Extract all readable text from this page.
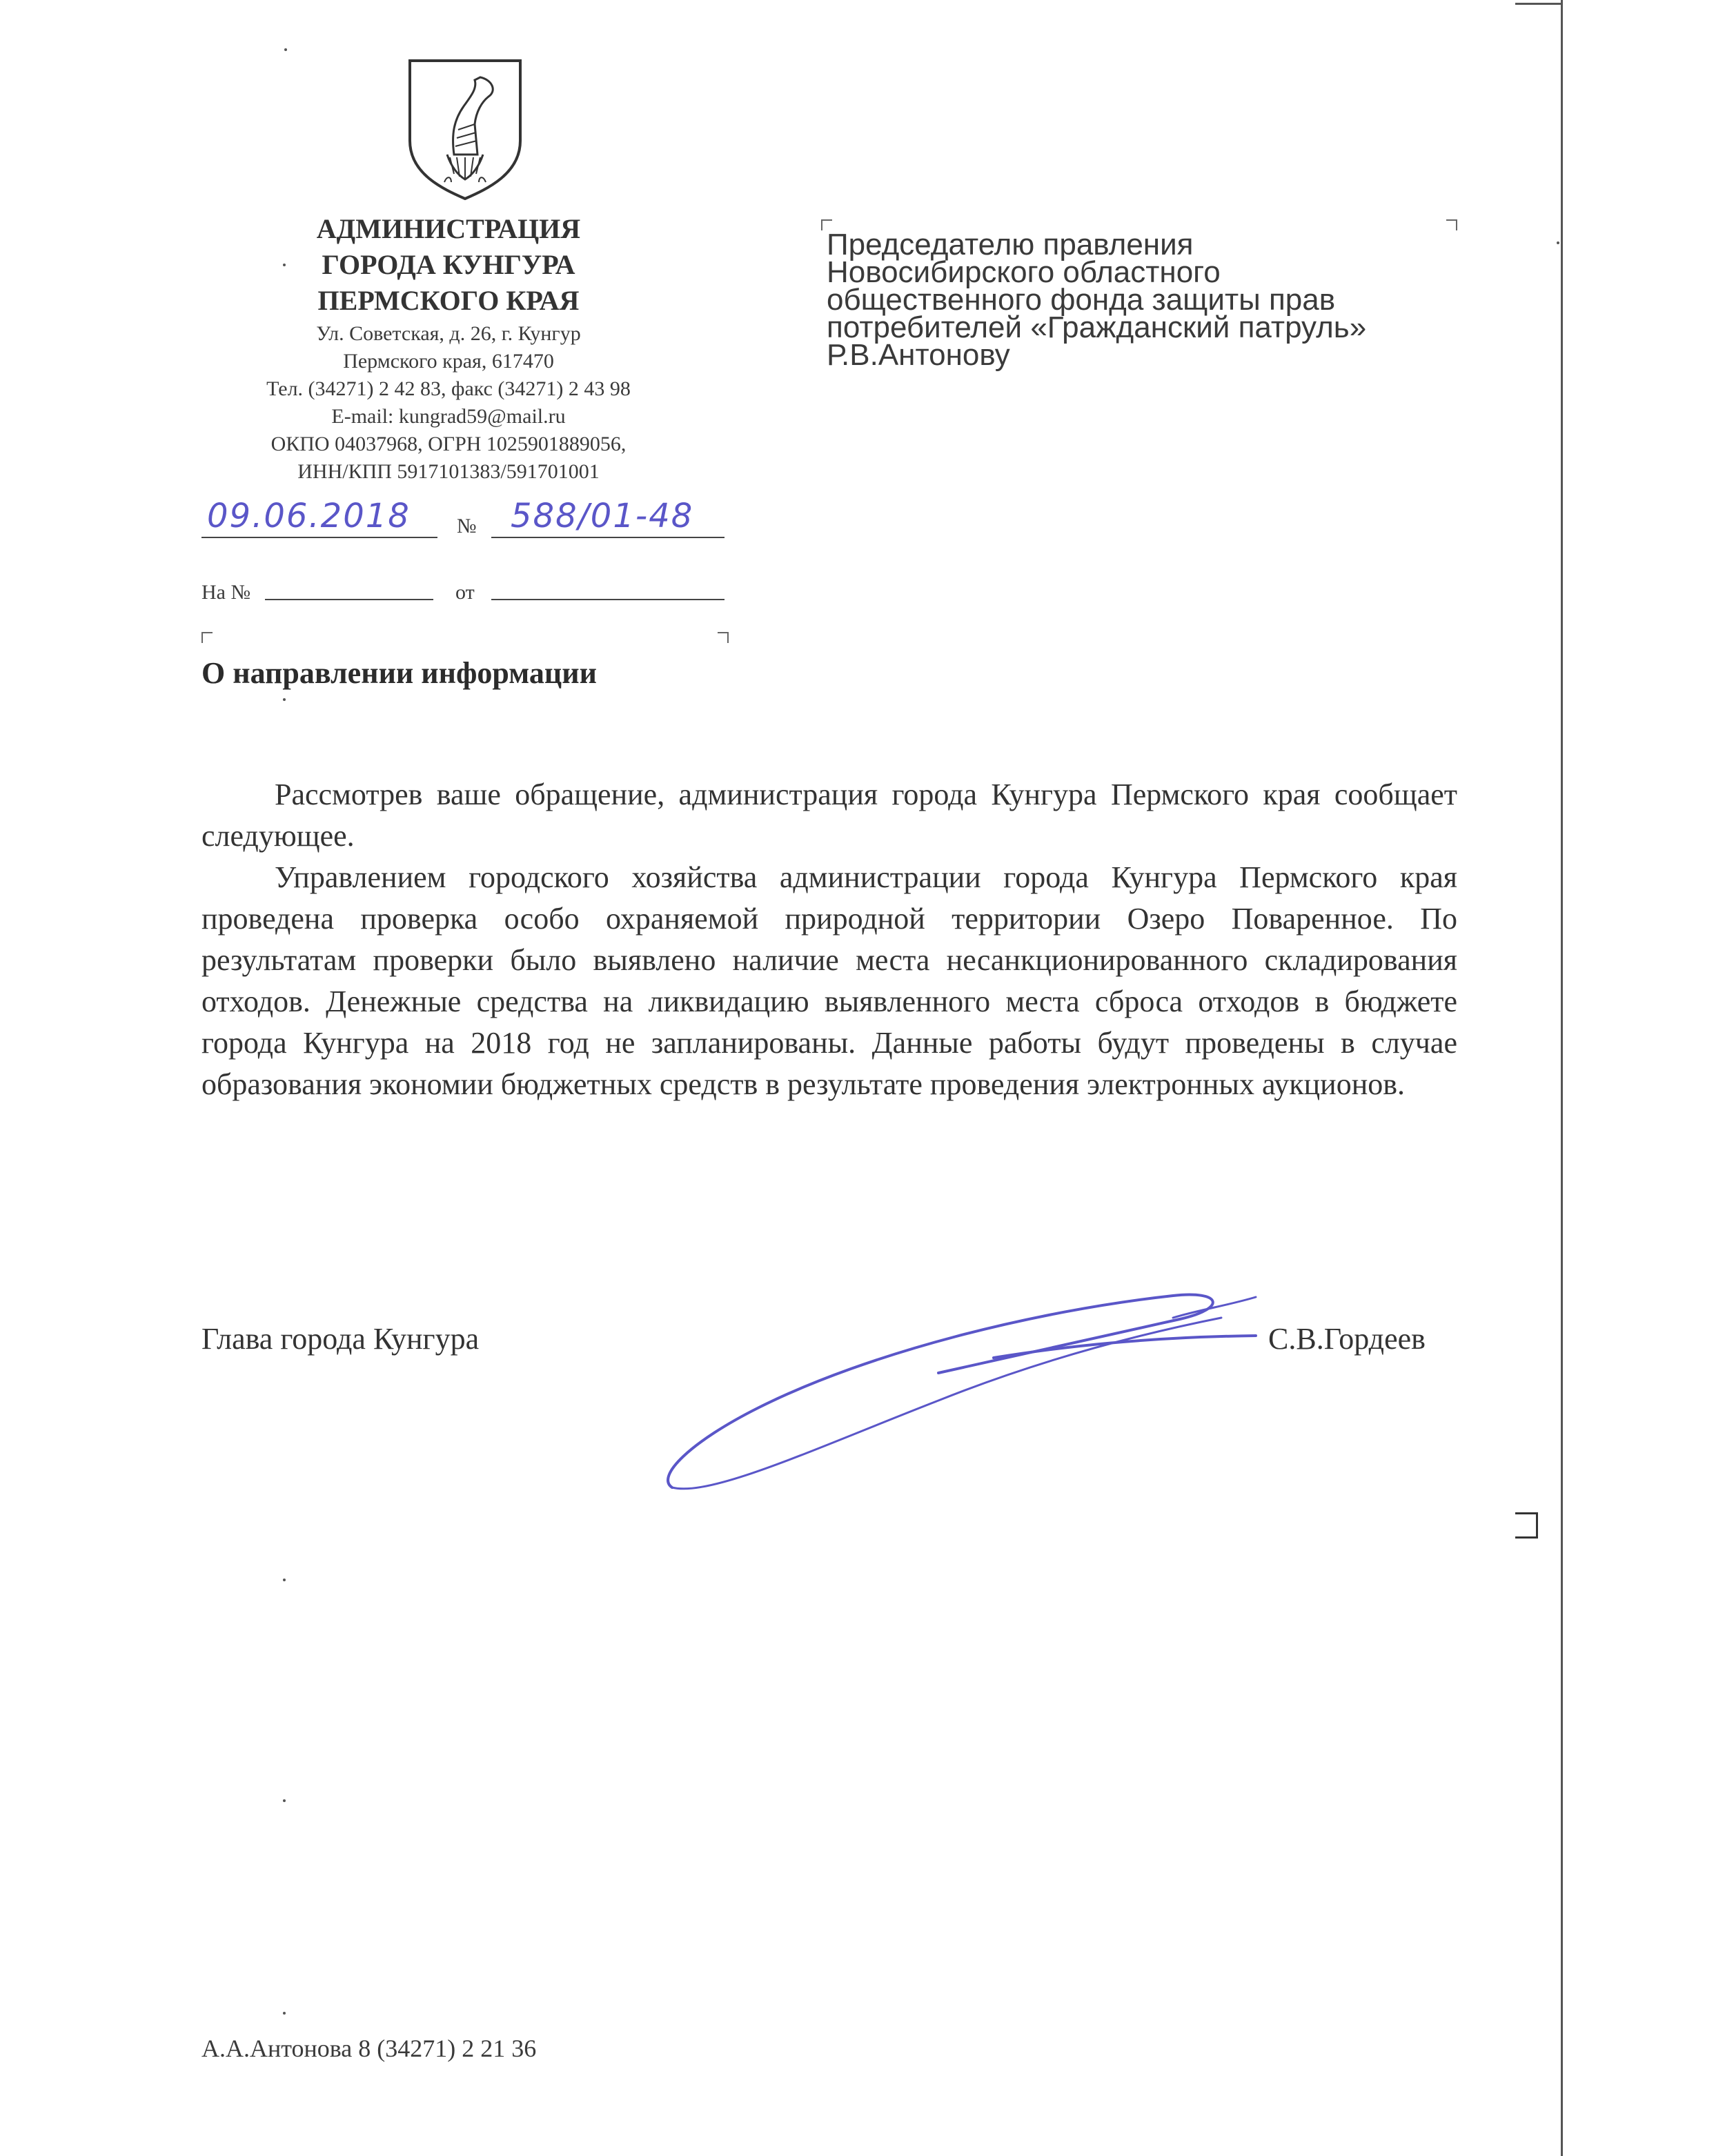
АДМИНИСТРАЦИЯ
ГОРОДА КУНГУРА
ПЕРМСКОГО КРАЯ
Ул. Советская, д. 26, г. Кунгур
Пермского края, 617470
Тел. (34271) 2 42 83, факс (34271) 2 43 98
E-mail: kungrad59@mail.ru
ОКПО 04037968, ОГРН 1025901889056,
ИНН/КПП 5917101383/591701001
09.06.2018 № 588/01-48
На №	от
Председателю правления
Новосибирского областного
общественного фонда защиты прав
потребителей «Гражданский патруль»
Р.В.Антонову
О направлении информации

Рассмотрев ваше обращение, администрация города Кунгура Пермского края сообщает следующее.

Управлением городского хозяйства администрации города Кунгура Пермского края проведена проверка особо охраняемой природной территории Озеро Поваренное. По результатам проверки было выявлено наличие места несанкционированного складирования отходов. Денежные средства на ликвидацию выявленного места сброса отходов в бюджете города Кунгура на 2018 год не запланированы. Данные работы будут проведены в случае образования экономии бюджетных средств в результате проведения электронных аукционов.

Глава города Кунгура	С.В.Гордеев
А.А.Антонова 8 (34271) 2 21 36
